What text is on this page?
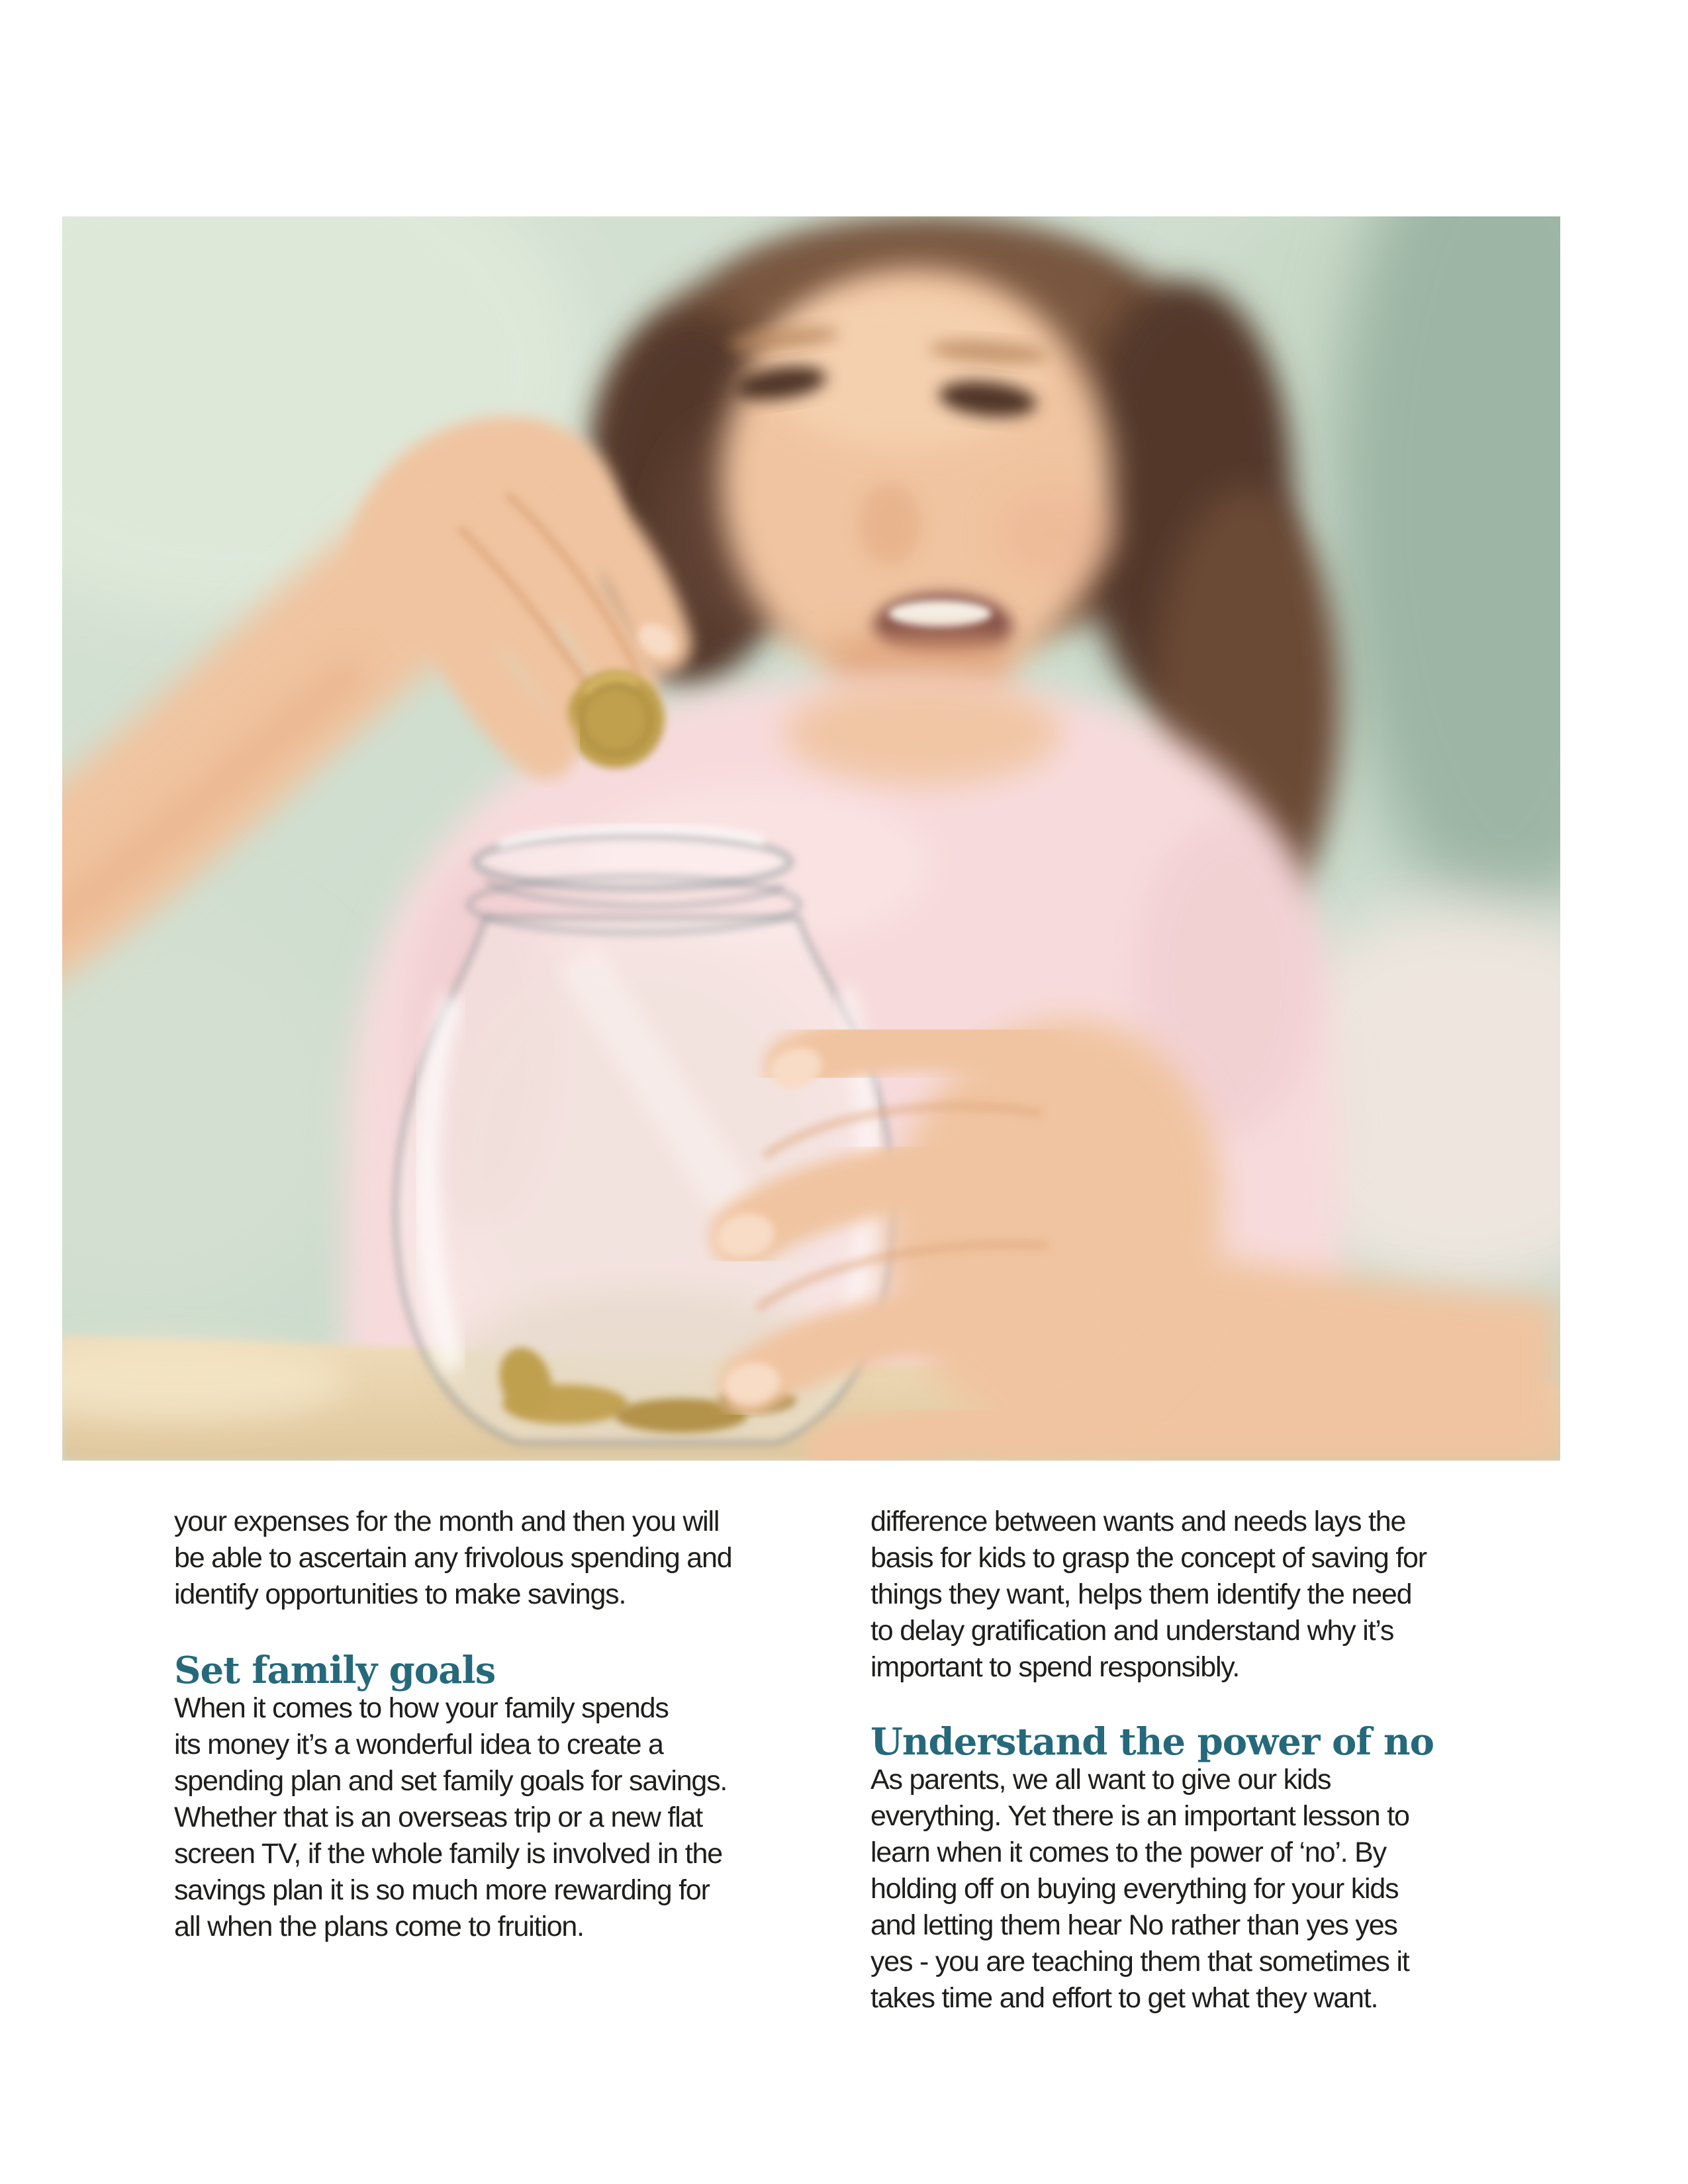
your expenses for the month and then you will
be able to ascertain any frivolous spending and
identify opportunities to make savings.

Set family goals

When it comes to how your family spends
its money it’s a wonderful idea to create a
spending plan and set family goals for savings.
Whether that is an overseas trip or a new flat
screen TV, if the whole family is involved in the
savings plan it is so much more rewarding for
all when the plans come to fruition.

difference between wants and needs lays the
basis for kids to grasp the concept of saving for
things they want, helps them identify the need
to delay gratification and understand why it’s
important to spend responsibly.

Understand the power of no

As parents, we all want to give our kids
everything. Yet there is an important lesson to
learn when it comes to the power of ‘no’. By
holding off on buying everything for your kids
and letting them hear No rather than yes yes
yes - you are teaching them that sometimes it
takes time and effort to get what they want.
